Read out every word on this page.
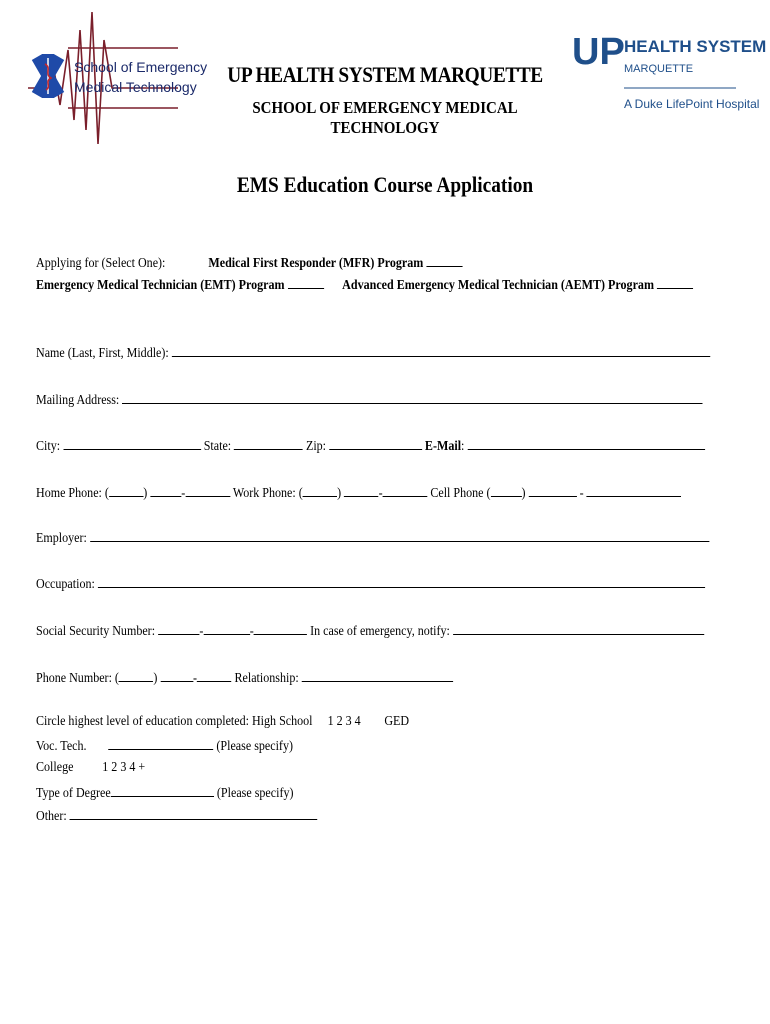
School of Emergency
Medical Technology
UP HEALTH SYSTEM
MARQUETTE
A Duke LifePoint Hospital
UP HEALTH SYSTEM MARQUETTE
SCHOOL OF EMERGENCY MEDICAL TECHNOLOGY
EMS Education Course Application
Applying for (Select One):	Medical First Responder (MFR) Program
Emergency Medical Technician (EMT) Program	Advanced Emergency Medical Technician (AEMT) Program
Name (Last, First, Middle):
Mailing Address:
City:	State:	Zip:	E-Mail:
Home Phone: ( ) -	Work Phone: ( ) -	Cell Phone ( )	-
Employer:
Occupation:
Social Security Number:	-	-	In case of emergency, notify:
Phone Number: ( ) -	Relationship:
Circle highest level of education completed: High School 1 2 3 4 GED
Voc. Tech.	(Please specify)
College 1 2 3 4 +
Type of Degree	(Please specify)
Other:
